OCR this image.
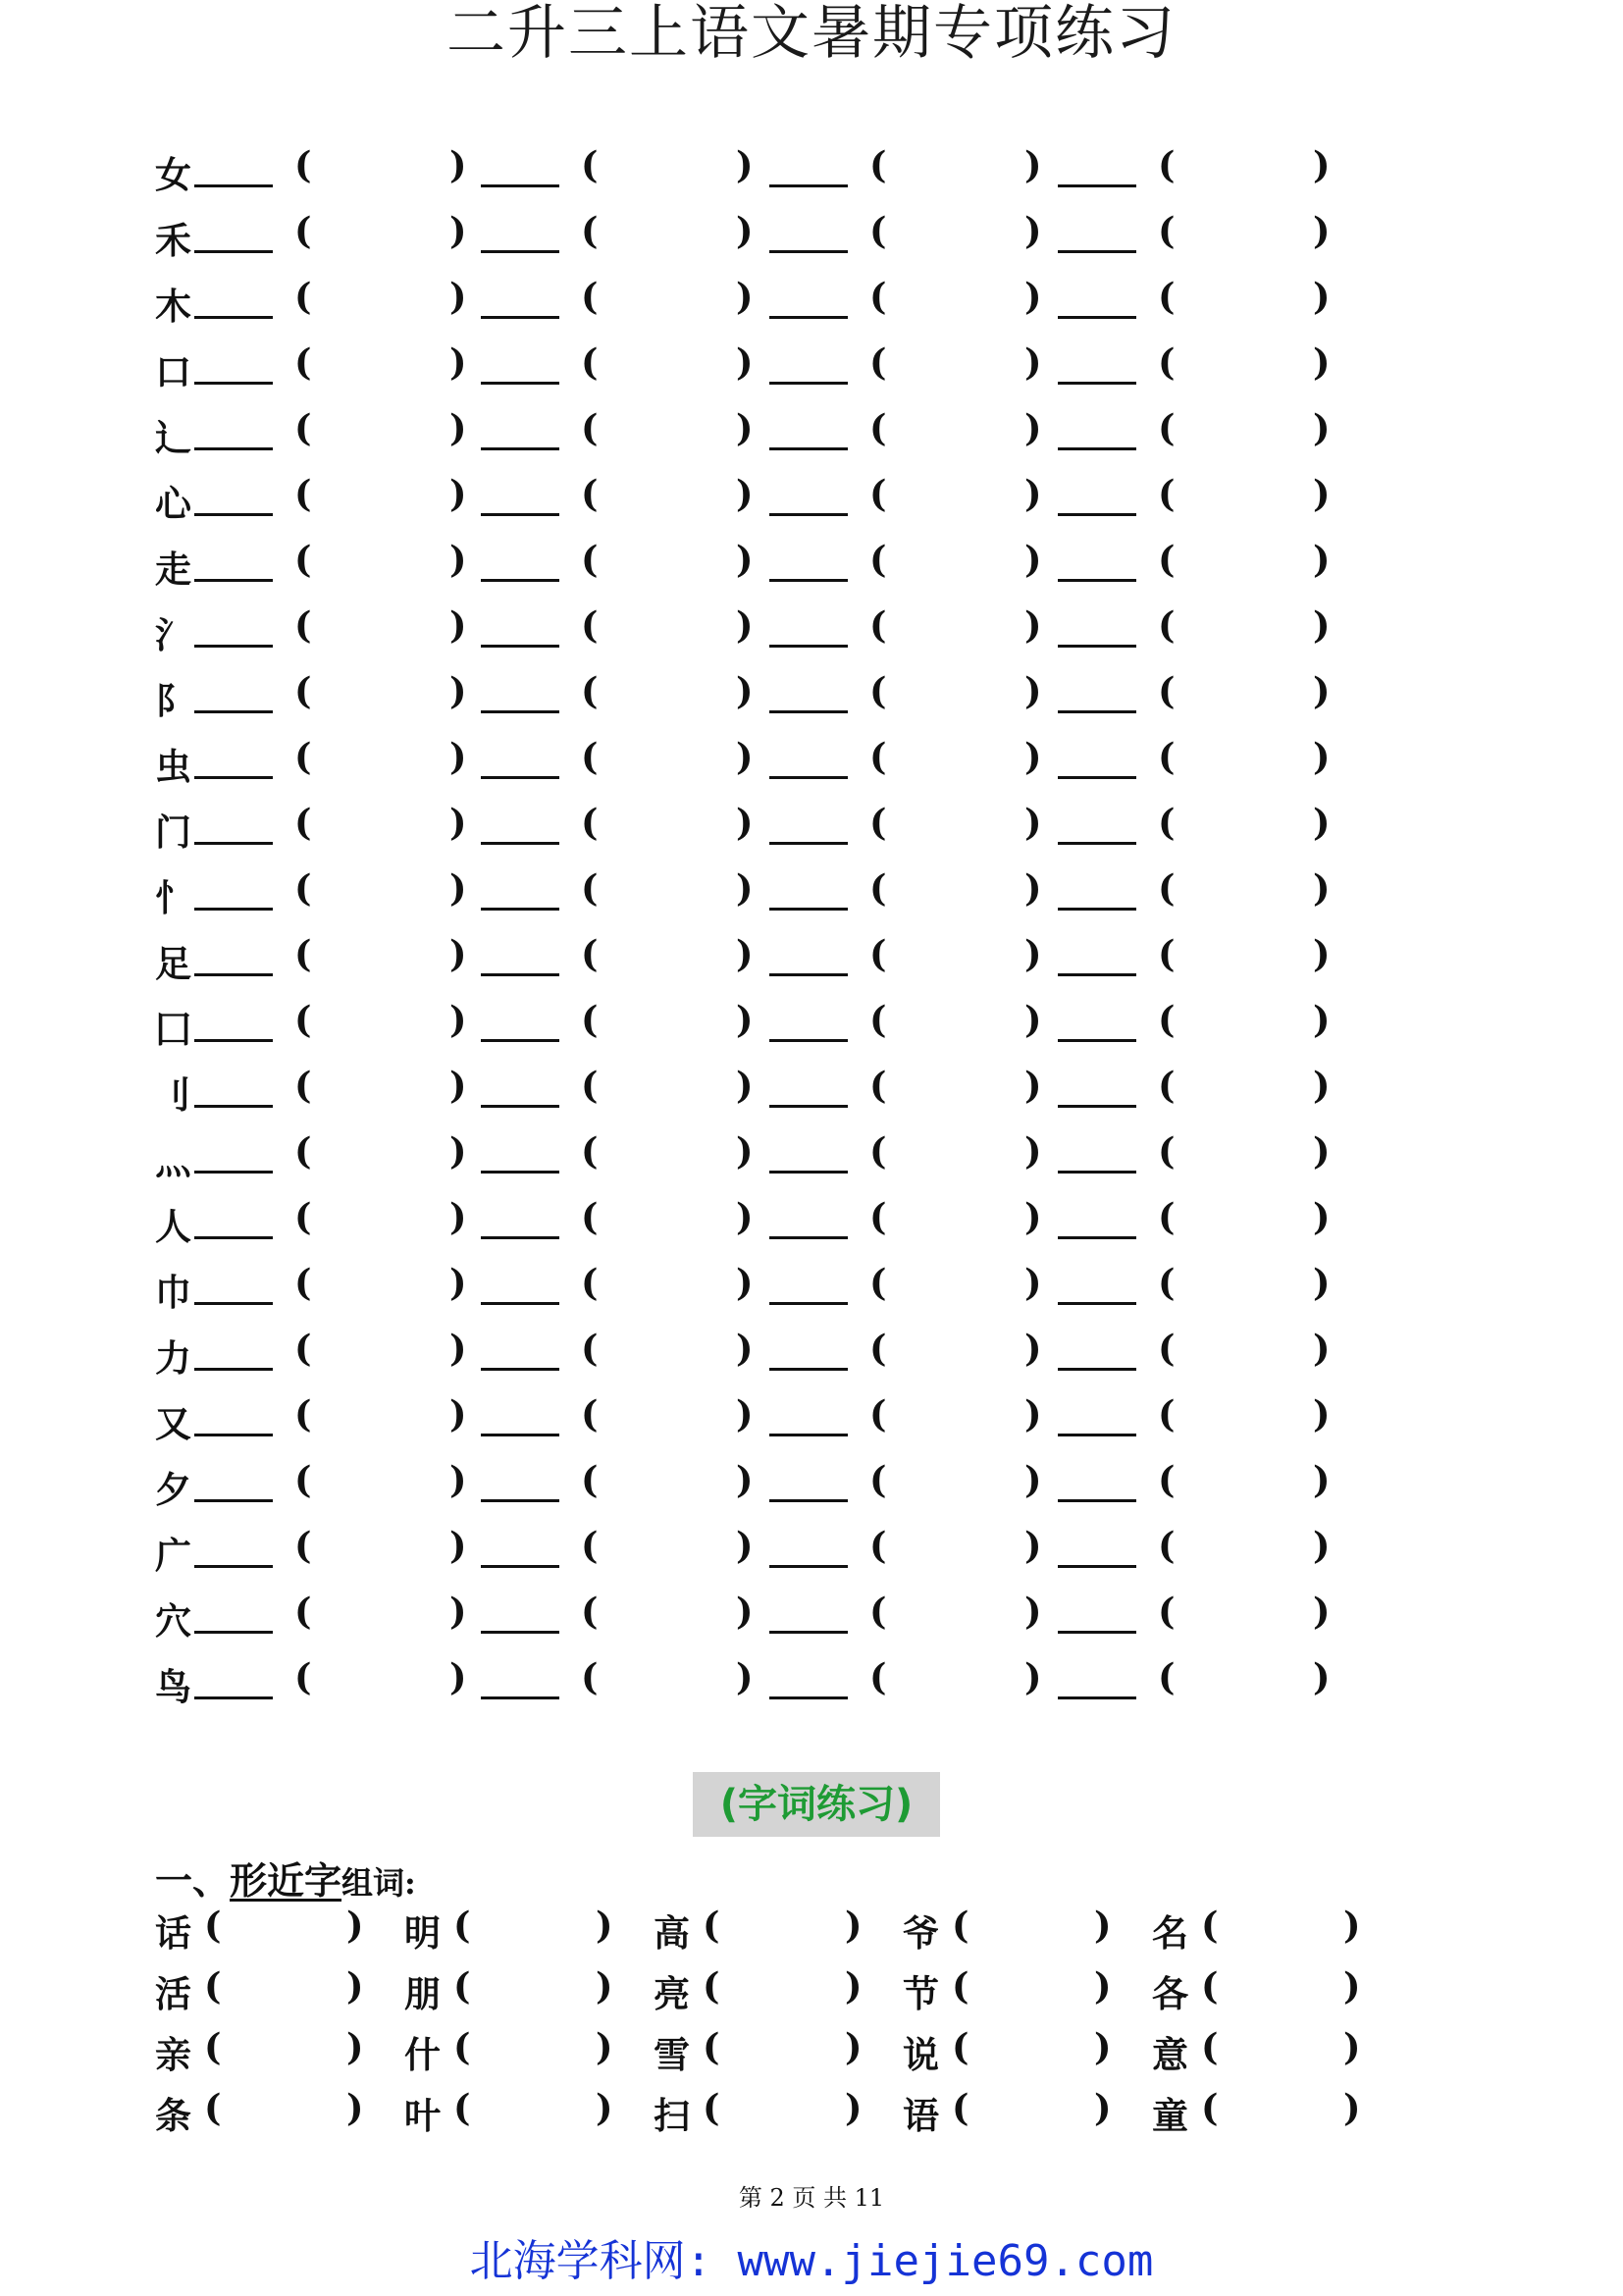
二升三上语文暑期专项练习
女	(	)	(	)	(	)	(	)
禾	(	)	(	)	(	)	(	)
木	(	)	(	)	(	)	(	)
口	(	)	(	)	(	)	(	)
辶	(	)	(	)	(	)	(	)
心	(	)	(	)	(	)	(	)
走	(	)	(	)	(	)	(	)
氵	(	)	(	)	(	)	(	)
阝	(	)	(	)	(	)	(	)
虫	(	)	(	)	(	)	(	)
门	(	)	(	)	(	)	(	)
忄	(	)	(	)	(	)	(	)
足	(	)	(	)	(	)	(	)
囗	(	)	(	)	(	)	(	)
刂	(	)	(	)	(	)	(	)
灬	(	)	(	)	(	)	(	)
人	(	)	(	)	(	)	(	)
巾	(	)	(	)	(	)	(	)
力	(	)	(	)	(	)	(	)
又	(	)	(	)	(	)	(	)
夕	(	)	(	)	(	)	(	)
广	(	)	(	)	(	)	(	)
穴	(	)	(	)	(	)	(	)
鸟	(	)	(	)	(	)	(	)
(字词练习)
一、形近字组词:
话 (	) 明 (	) 高 (	) 爷 (	) 名 (	)
活 (	) 朋 (	) 亮 (	) 节 (	) 各 (	)
亲 (	) 什 (	) 雪 (	) 说 (	) 意 (	)
条 (	) 叶 (	) 扫 (	) 语 (	) 童 (	)
第 2 页 共 11
北海学科网: www.jiejie69.com
